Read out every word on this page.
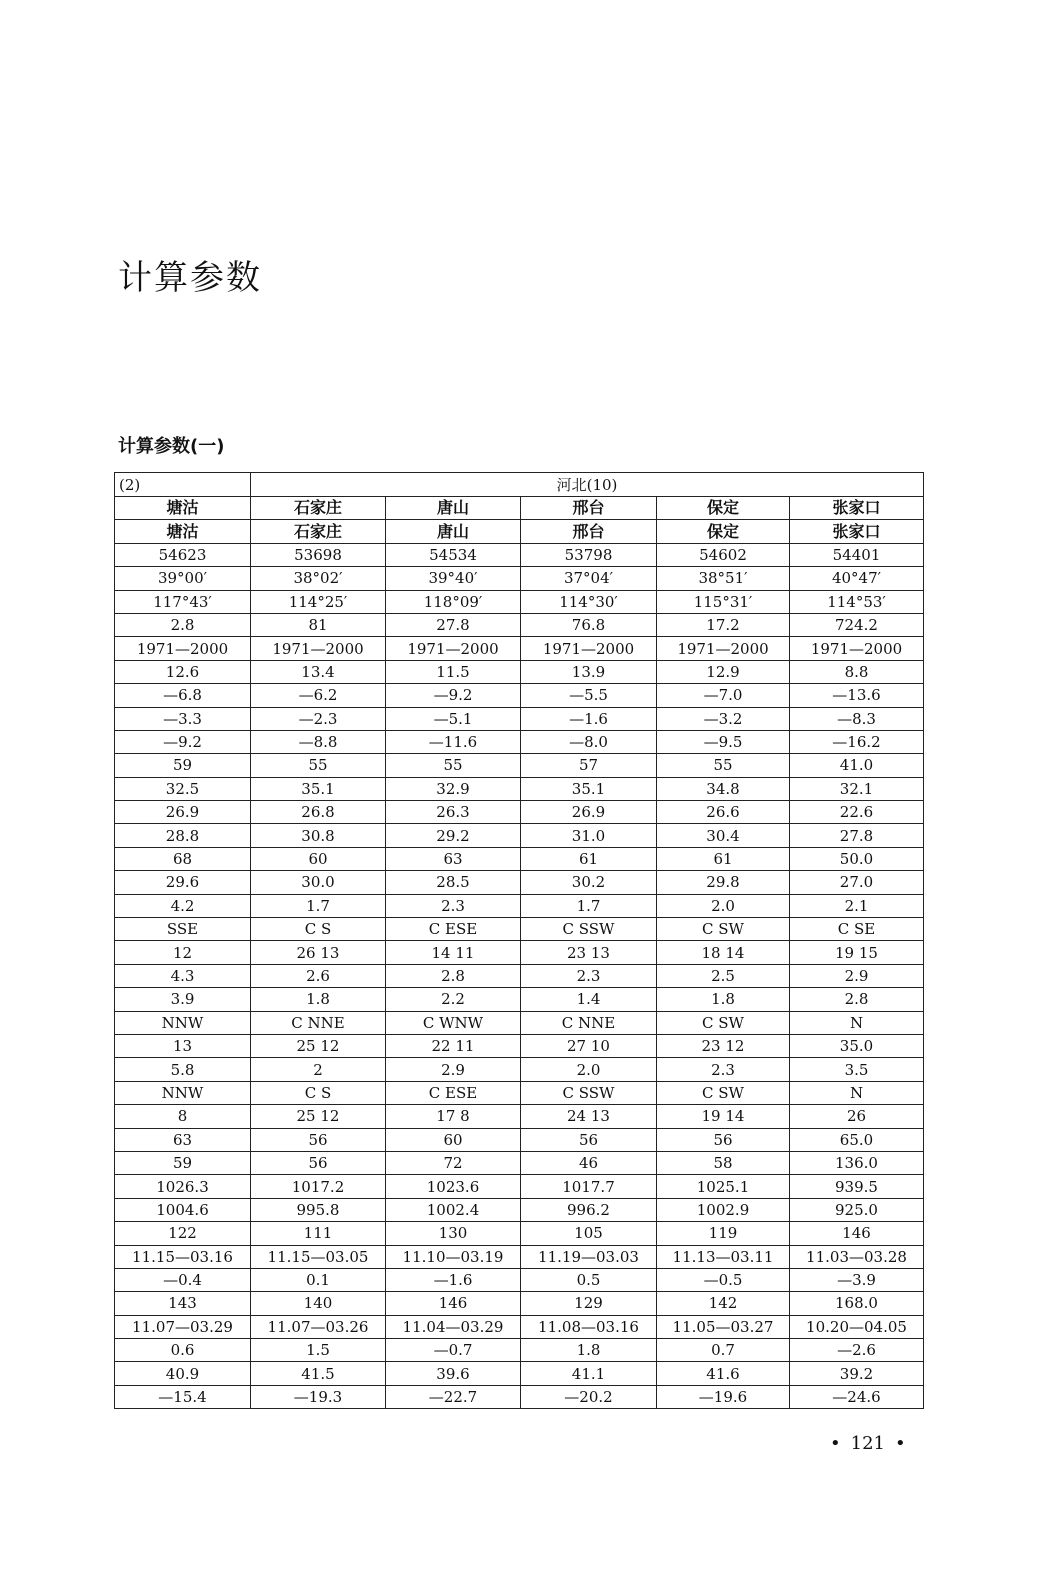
计算参数
计算参数(一)
(2)	河北(10)				
塘沽	石家庄	唐山	邢台	保定	张家口
塘沽	石家庄	唐山	邢台	保定	张家口
54623	53698	54534	53798	54602	54401
39°00′	38°02′	39°40′	37°04′	38°51′	40°47′
117°43′	114°25′	118°09′	114°30′	115°31′	114°53′
2.8	81	27.8	76.8	17.2	724.2
1971—2000	1971—2000	1971—2000	1971—2000	1971—2000	1971—2000
12.6	13.4	11.5	13.9	12.9	8.8
—6.8	—6.2	—9.2	—5.5	—7.0	—13.6
—3.3	—2.3	—5.1	—1.6	—3.2	—8.3
—9.2	—8.8	—11.6	—8.0	—9.5	—16.2
59	55	55	57	55	41.0
32.5	35.1	32.9	35.1	34.8	32.1
26.9	26.8	26.3	26.9	26.6	22.6
28.8	30.8	29.2	31.0	30.4	27.8
68	60	63	61	61	50.0
29.6	30.0	28.5	30.2	29.8	27.0
4.2	1.7	2.3	1.7	2.0	2.1
SSE	C S	C ESE	C SSW	C SW	C SE
12	26 13	14 11	23 13	18 14	19 15
4.3	2.6	2.8	2.3	2.5	2.9
3.9	1.8	2.2	1.4	1.8	2.8
NNW	C NNE	C WNW	C NNE	C SW	N
13	25 12	22 11	27 10	23 12	35.0
5.8	2	2.9	2.0	2.3	3.5
NNW	C S	C ESE	C SSW	C SW	N
8	25 12	17 8	24 13	19 14	26
63	56	60	56	56	65.0
59	56	72	46	58	136.0
1026.3	1017.2	1023.6	1017.7	1025.1	939.5
1004.6	995.8	1002.4	996.2	1002.9	925.0
122	111	130	105	119	146
11.15—03.16	11.15—03.05	11.10—03.19	11.19—03.03	11.13—03.11	11.03—03.28
—0.4	0.1	—1.6	0.5	—0.5	—3.9
143	140	146	129	142	168.0
11.07—03.29	11.07—03.26	11.04—03.29	11.08—03.16	11.05—03.27	10.20—04.05
0.6	1.5	—0.7	1.8	0.7	—2.6
40.9	41.5	39.6	41.1	41.6	39.2
—15.4	—19.3	—22.7	—20.2	—19.6	—24.6
• 121 •
